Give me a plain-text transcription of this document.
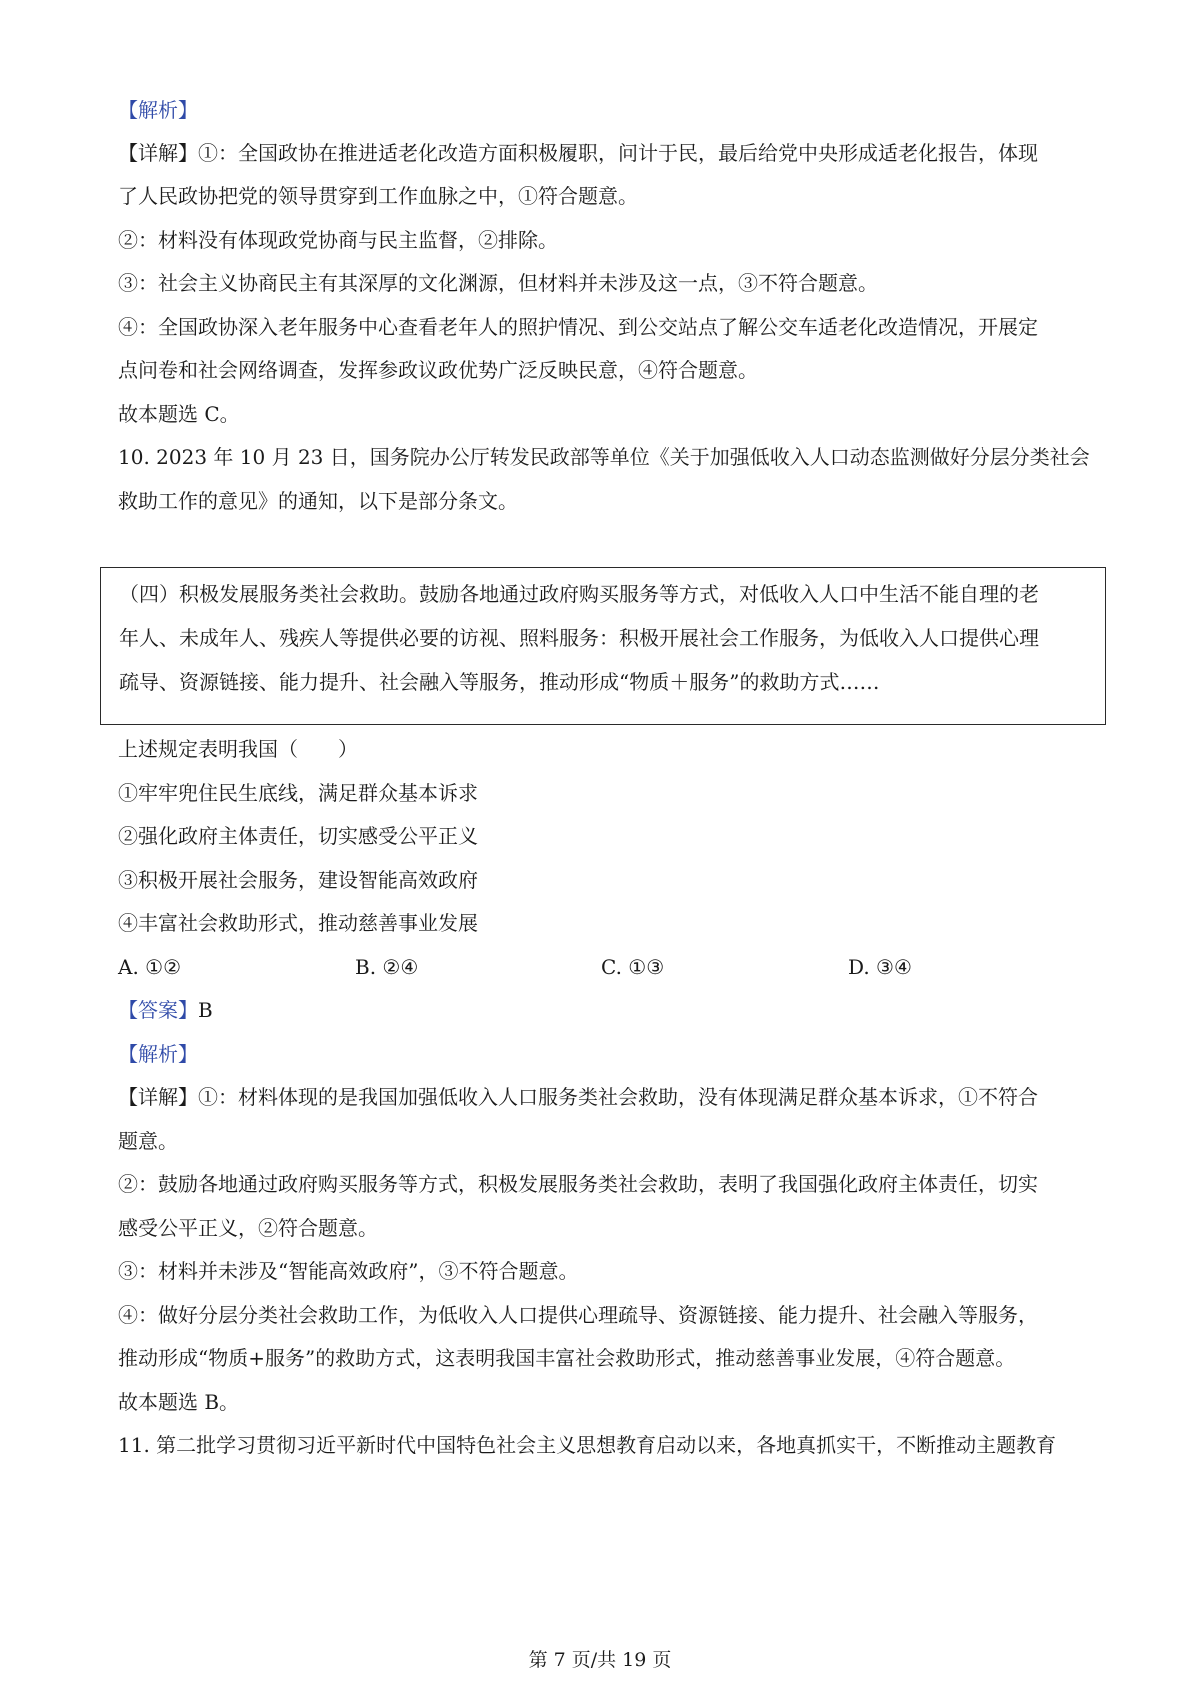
【解析】
【详解】①：全国政协在推进适老化改造方面积极履职，问计于民，最后给党中央形成适老化报告，体现
了人民政协把党的领导贯穿到工作血脉之中，①符合题意。
②：材料没有体现政党协商与民主监督，②排除。
③：社会主义协商民主有其深厚的文化渊源，但材料并未涉及这一点，③不符合题意。
④：全国政协深入老年服务中心查看老年人的照护情况、到公交站点了解公交车适老化改造情况，开展定
点问卷和社会网络调查，发挥参政议政优势广泛反映民意，④符合题意。
故本题选 C。
10. 2023 年 10 月 23 日，国务院办公厅转发民政部等单位《关于加强低收入人口动态监测做好分层分类社会
救助工作的意见》的通知，以下是部分条文。
（四）积极发展服务类社会救助。鼓励各地通过政府购买服务等方式，对低收入人口中生活不能自理的老
年人、未成年人、残疾人等提供必要的访视、照料服务：积极开展社会工作服务，为低收入人口提供心理
疏导、资源链接、能力提升、社会融入等服务，推动形成“物质＋服务”的救助方式……
上述规定表明我国（　　）
①牢牢兜住民生底线，满足群众基本诉求
②强化政府主体责任，切实感受公平正义
③积极开展社会服务，建设智能高效政府
④丰富社会救助形式，推动慈善事业发展
A. ①②	B. ②④	C. ①③	D. ③④
【答案】B
【解析】
【详解】①：材料体现的是我国加强低收入人口服务类社会救助，没有体现满足群众基本诉求，①不符合
题意。
②：鼓励各地通过政府购买服务等方式，积极发展服务类社会救助，表明了我国强化政府主体责任，切实
感受公平正义，②符合题意。
③：材料并未涉及“智能高效政府”，③不符合题意。
④：做好分层分类社会救助工作，为低收入人口提供心理疏导、资源链接、能力提升、社会融入等服务，
推动形成“物质+服务”的救助方式，这表明我国丰富社会救助形式，推动慈善事业发展，④符合题意。
故本题选 B。
11. 第二批学习贯彻习近平新时代中国特色社会主义思想教育启动以来，各地真抓实干，不断推动主题教育
第 7 页/共 19 页
